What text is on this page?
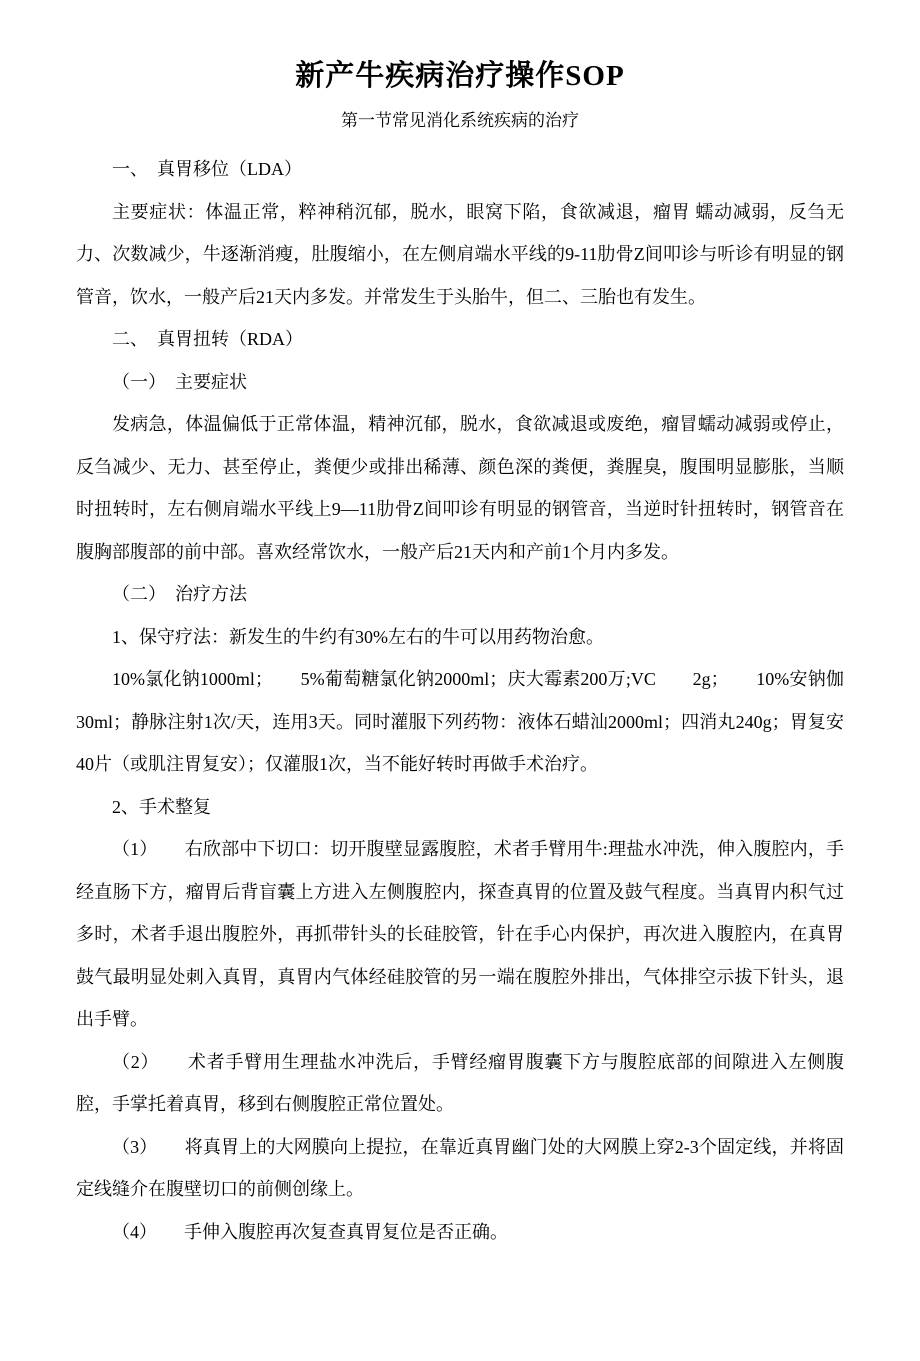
新产牛疾病治疗操作SOP
第一节常见消化系统疾病的治疗

一、　真胃移位（LDA）

主要症状：体温正常，粹神稍沉郁，脱水，眼窝下陷，食欲减退，瘤胃 蠕动减弱，反刍无力、次数减少，牛逐渐消瘦，肚腹缩小，在左侧肩端水平线的9-11肋骨Z间叩诊与听诊有明显的钢管音，饮水，一般产后21天内多发。并常发生于头胎牛，但二、三胎也有发生。

二、　真胃扭转（RDA）

（一）　主要症状

发病急，体温偏低于正常体温，精神沉郁，脱水，食欲减退或废绝，瘤冒蠕动减弱或停止，反刍减少、无力、甚至停止，粪便少或排出稀薄、颜色深的粪便，粪腥臭，腹围明显膨胀，当顺时扭转时，左右侧肩端水平线上9—11肋骨Z间叩诊有明显的钢管音，当逆时针扭转时，钢管音在腹胸部腹部的前中部。喜欢经常饮水，一般产后21天内和产前1个月内多发。

（二）　治疗方法

1、保守疗法：新发生的牛约有30%左右的牛可以用药物治愈。

10%氯化钠1000ml；　　5%葡萄糖氯化钠2000ml；庆大霉素200万;VC　　2g；　　10%安钠伽30ml；静脉注射1次/天，连用3天。同时灌服下列药物：液体石蜡汕2000ml；四消丸240g；胃复安40片（或肌注胃复安）；仅灌服1次，当不能好转时再做手术治疗。

2、手术整复

（1）　　右欣部中下切口：切开腹壁显露腹腔，术者手臂用牛:理盐水冲洗，伸入腹腔内，手经直肠下方，瘤胃后背盲囊上方进入左侧腹腔内，探查真胃的位置及鼓气程度。当真胃内积气过多时，术者手退出腹腔外，再抓带针头的长硅胶管，针在手心内保护，再次进入腹腔内，在真胃鼓气最明显处刺入真胃，真胃内气体经硅胶管的另一端在腹腔外排出，气体排空示拔下针头，退出手臂。

（2）　　术者手臂用生理盐水冲洗后，手臂经瘤胃腹囊下方与腹腔底部的间隙进入左侧腹腔，手掌托着真胃，移到右侧腹腔正常位置处。

（3）　　将真胃上的大网膜向上提拉，在靠近真胃幽门处的大网膜上穿2-3个固定线，并将固定线缝介在腹壁切口的前侧创缘上。

（4）　　手伸入腹腔再次复查真胃复位是否正确。
